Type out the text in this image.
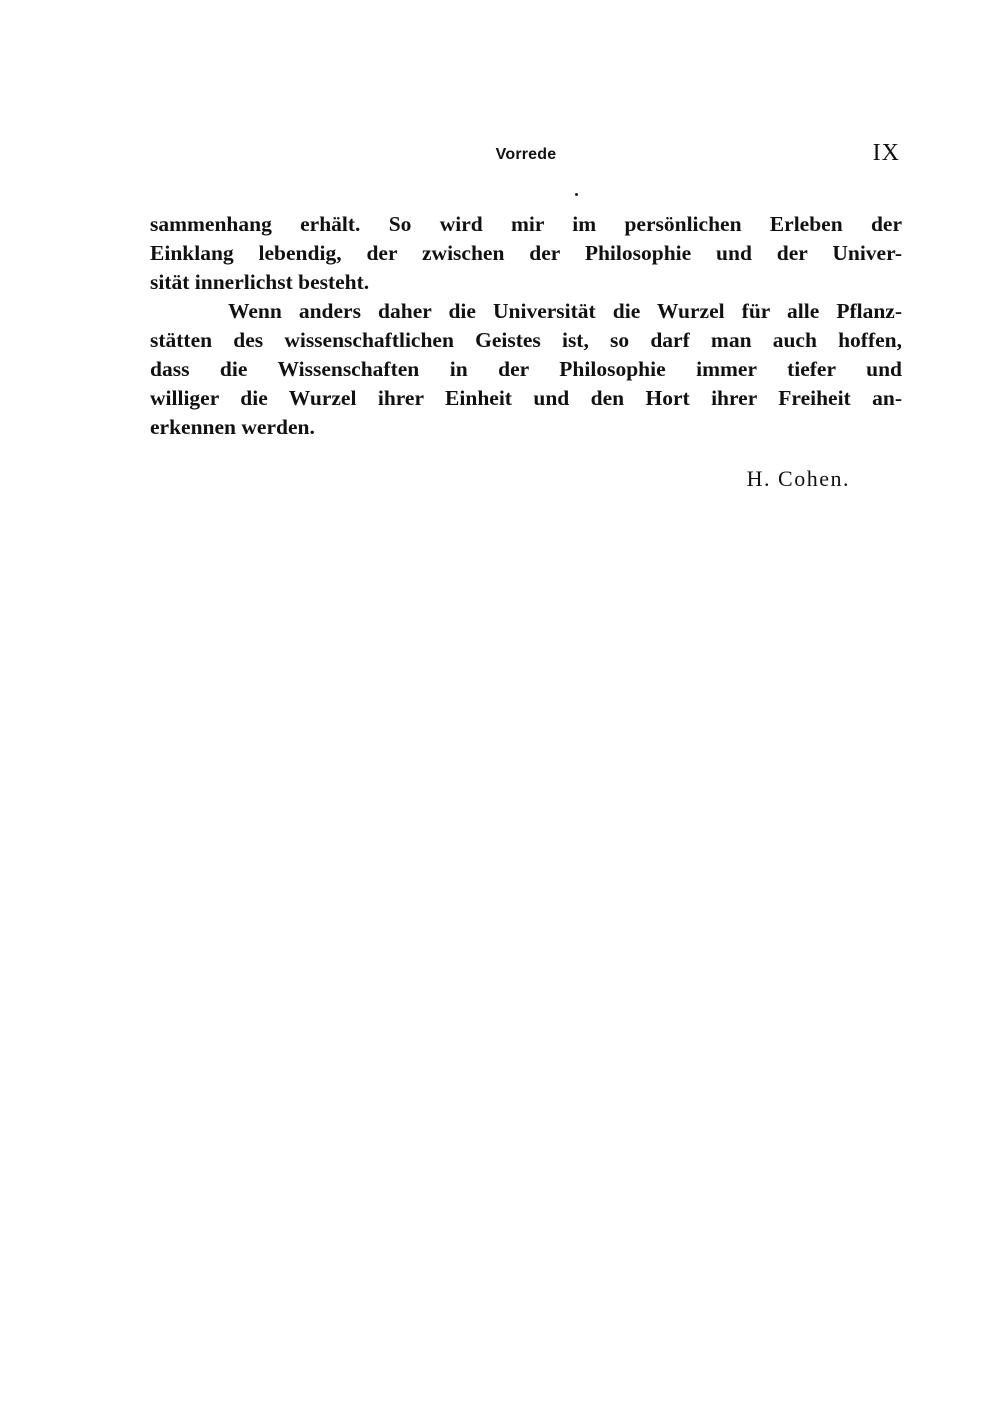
Vorrede	IX
sammenhang erhält. So wird mir im persönlichen Erleben der
Einklang lebendig, der zwischen der Philosophie und der Univer-
sität innerlichst besteht.
Wenn anders daher die Universität die Wurzel für alle Pflanz-
stätten des wissenschaftlichen Geistes ist, so darf man auch hoffen,
dass die Wissenschaften in der Philosophie immer tiefer und
williger die Wurzel ihrer Einheit und den Hort ihrer Freiheit an-
erkennen werden.
H. Cohen.
